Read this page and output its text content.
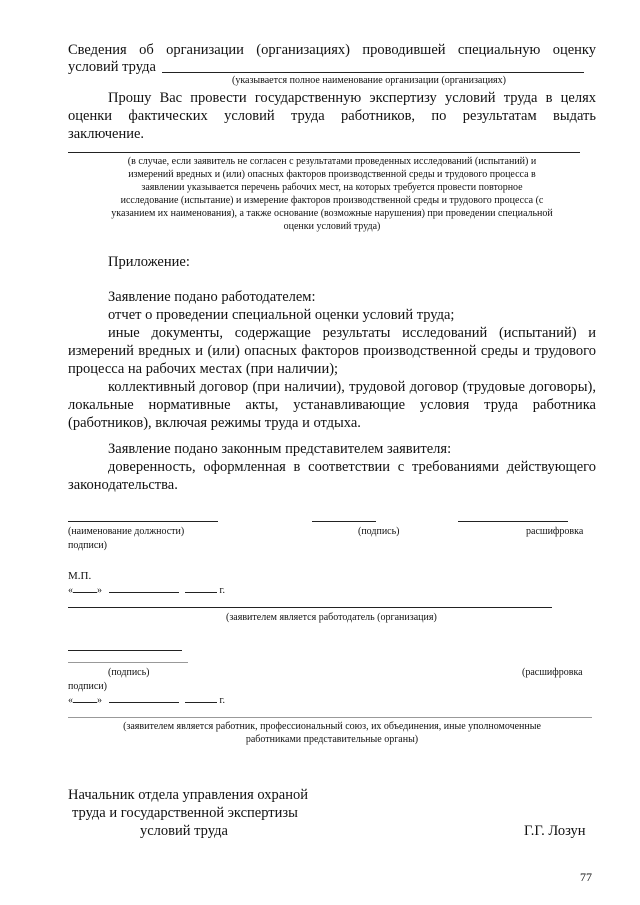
Сведения об организации (организациях) проводившей специальную оценку
условий труда
(указывается полное наименование организации (организациях)
Прошу Вас провести государственную экспертизу условий труда в целях
оценки фактических условий труда работников, по результатам выдать
заключение.
(в случае, если заявитель не согласен с результатами проведенных исследований (испытаний) и
измерений вредных и (или) опасных факторов производственной среды и трудового процесса в
заявлении указывается перечень рабочих мест, на которых требуется провести повторное
исследование (испытание) и измерение факторов производственной среды и трудового процесса (с
указанием их наименования), а также основание (возможные нарушения) при проведении специальной
оценки условий труда)
Приложение:
Заявление подано работодателем:
отчет о проведении специальной оценки условий труда;
иные документы, содержащие результаты исследований (испытаний) и измерений вредных и (или) опасных факторов производственной среды и трудового процесса на рабочих местах (при наличии);
коллективный договор (при наличии), трудовой договор (трудовые договоры), локальные нормативные акты, устанавливающие условия труда работника (работников), включая режимы труда и отдыха.
Заявление подано законным представителем заявителя:
доверенность, оформленная в соответствии с требованиями действующего законодательства.
(наименование должности)	(подпись)	расшифровка
подписи)
М.П.
« »	г.
(заявителем является работодатель (организация)
(подпись)	(расшифровка
подписи)
« »	г.
(заявителем является работник, профессиональный союз, их объединения, иные уполномоченные
работниками представительные органы)
Начальник отдела управления охраной
труда и государственной экспертизы
условий труда	Г.Г. Лозун
77
